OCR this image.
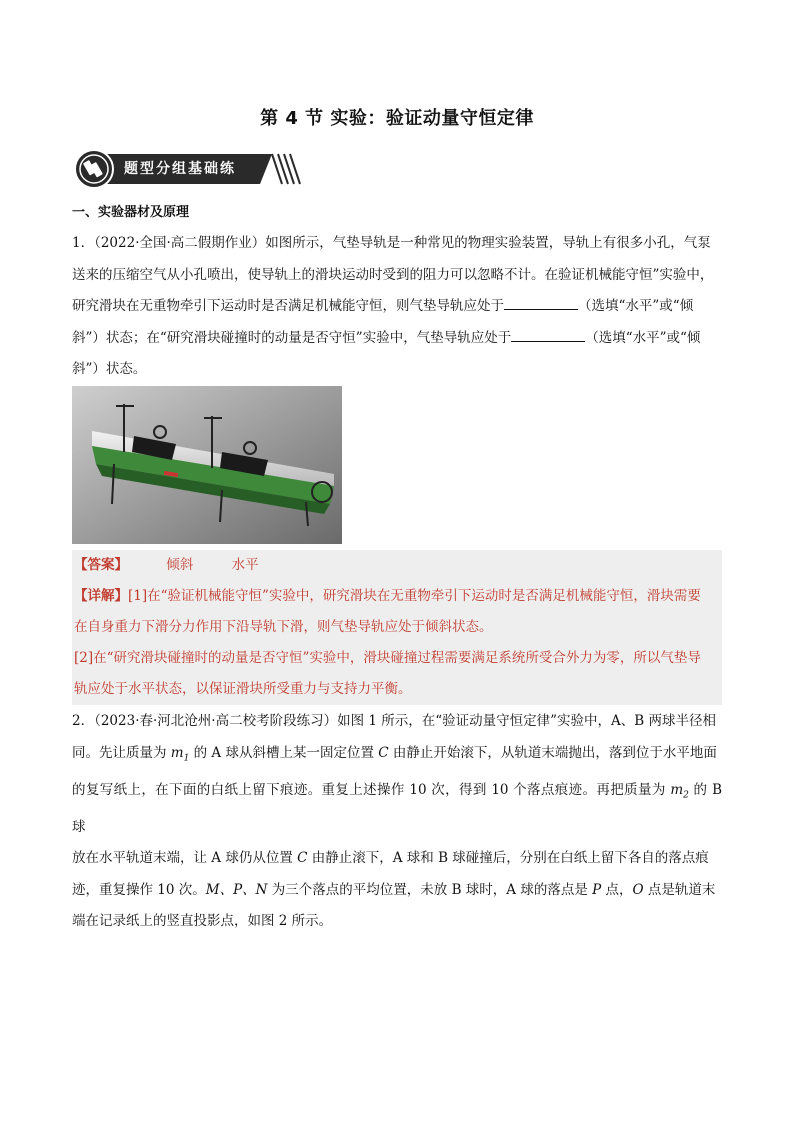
第 4 节 实验：验证动量守恒定律
题型分组基础练
一、实验器材及原理
1．（2022·全国·高二假期作业）如图所示，气垫导轨是一种常见的物理实验装置，导轨上有很多小孔，气泵
送来的压缩空气从小孔喷出，使导轨上的滑块运动时受到的阻力可以忽略不计。在验证机械能守恒”实验中，
研究滑块在无重物牵引下运动时是否满足机械能守恒，则气垫导轨应处于	（选填“水平”或“倾
斜”）状态；在“研究滑块碰撞时的动量是否守恒”实验中，气垫导轨应处于	（选填“水平”或“倾
斜”）状态。
【答案】	倾斜	水平
【详解】[1]在“验证机械能守恒”实验中，研究滑块在无重物牵引下运动时是否满足机械能守恒，滑块需要
在自身重力下滑分力作用下沿导轨下滑，则气垫导轨应处于倾斜状态。
[2]在“研究滑块碰撞时的动量是否守恒”实验中，滑块碰撞过程需要满足系统所受合外力为零，所以气垫导
轨应处于水平状态，以保证滑块所受重力与支持力平衡。
2．（2023·春·河北沧州·高二校考阶段练习）如图 1 所示，在“验证动量守恒定律”实验中，A、B 两球半径相
同。先让质量为 $m_1$ 的 A 球从斜槽上某一固定位置 C 由静止开始滚下，从轨道末端抛出，落到位于水平地面
的复写纸上，在下面的白纸上留下痕迹。重复上述操作 10 次，得到 10 个落点痕迹。再把质量为 $m_2$ 的 B 球
放在水平轨道末端，让 A 球仍从位置 C 由静止滚下，A 球和 B 球碰撞后，分别在白纸上留下各自的落点痕
迹，重复操作 10 次。M、P、N 为三个落点的平均位置，未放 B 球时，A 球的落点是 P 点，O 点是轨道末
端在记录纸上的竖直投影点，如图 2 所示。
